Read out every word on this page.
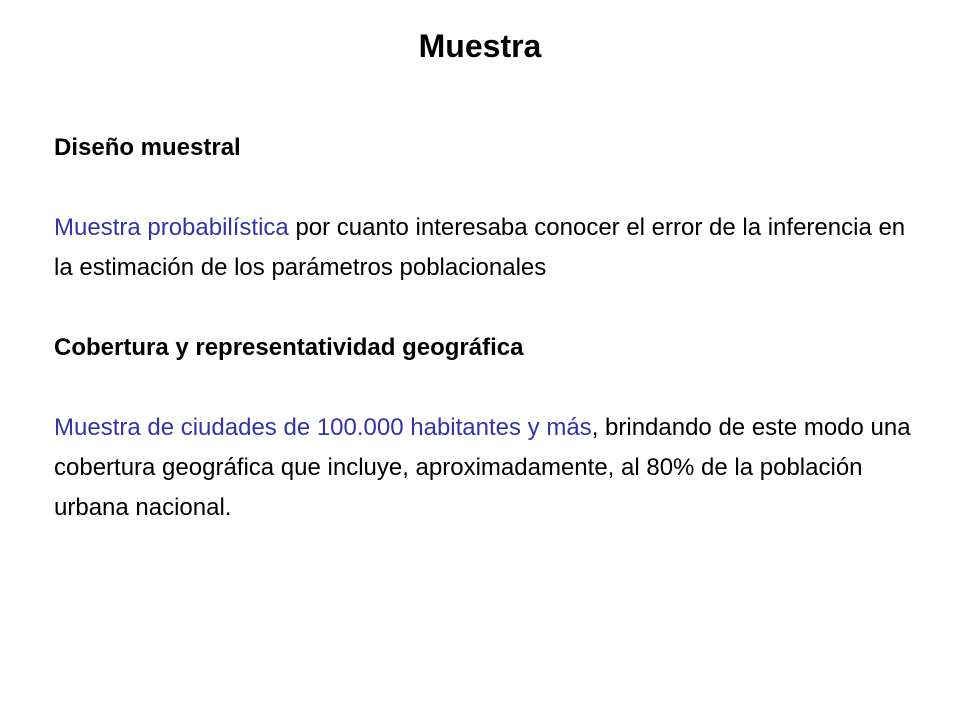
Muestra

Diseño muestral

Muestra probabilística por cuanto interesaba conocer el error de la inferencia en la estimación de los parámetros poblacionales

Cobertura y representatividad geográfica

Muestra de ciudades de 100.000 habitantes y más, brindando de este modo una cobertura geográfica que incluye, aproximadamente, al 80% de la población urbana nacional.
